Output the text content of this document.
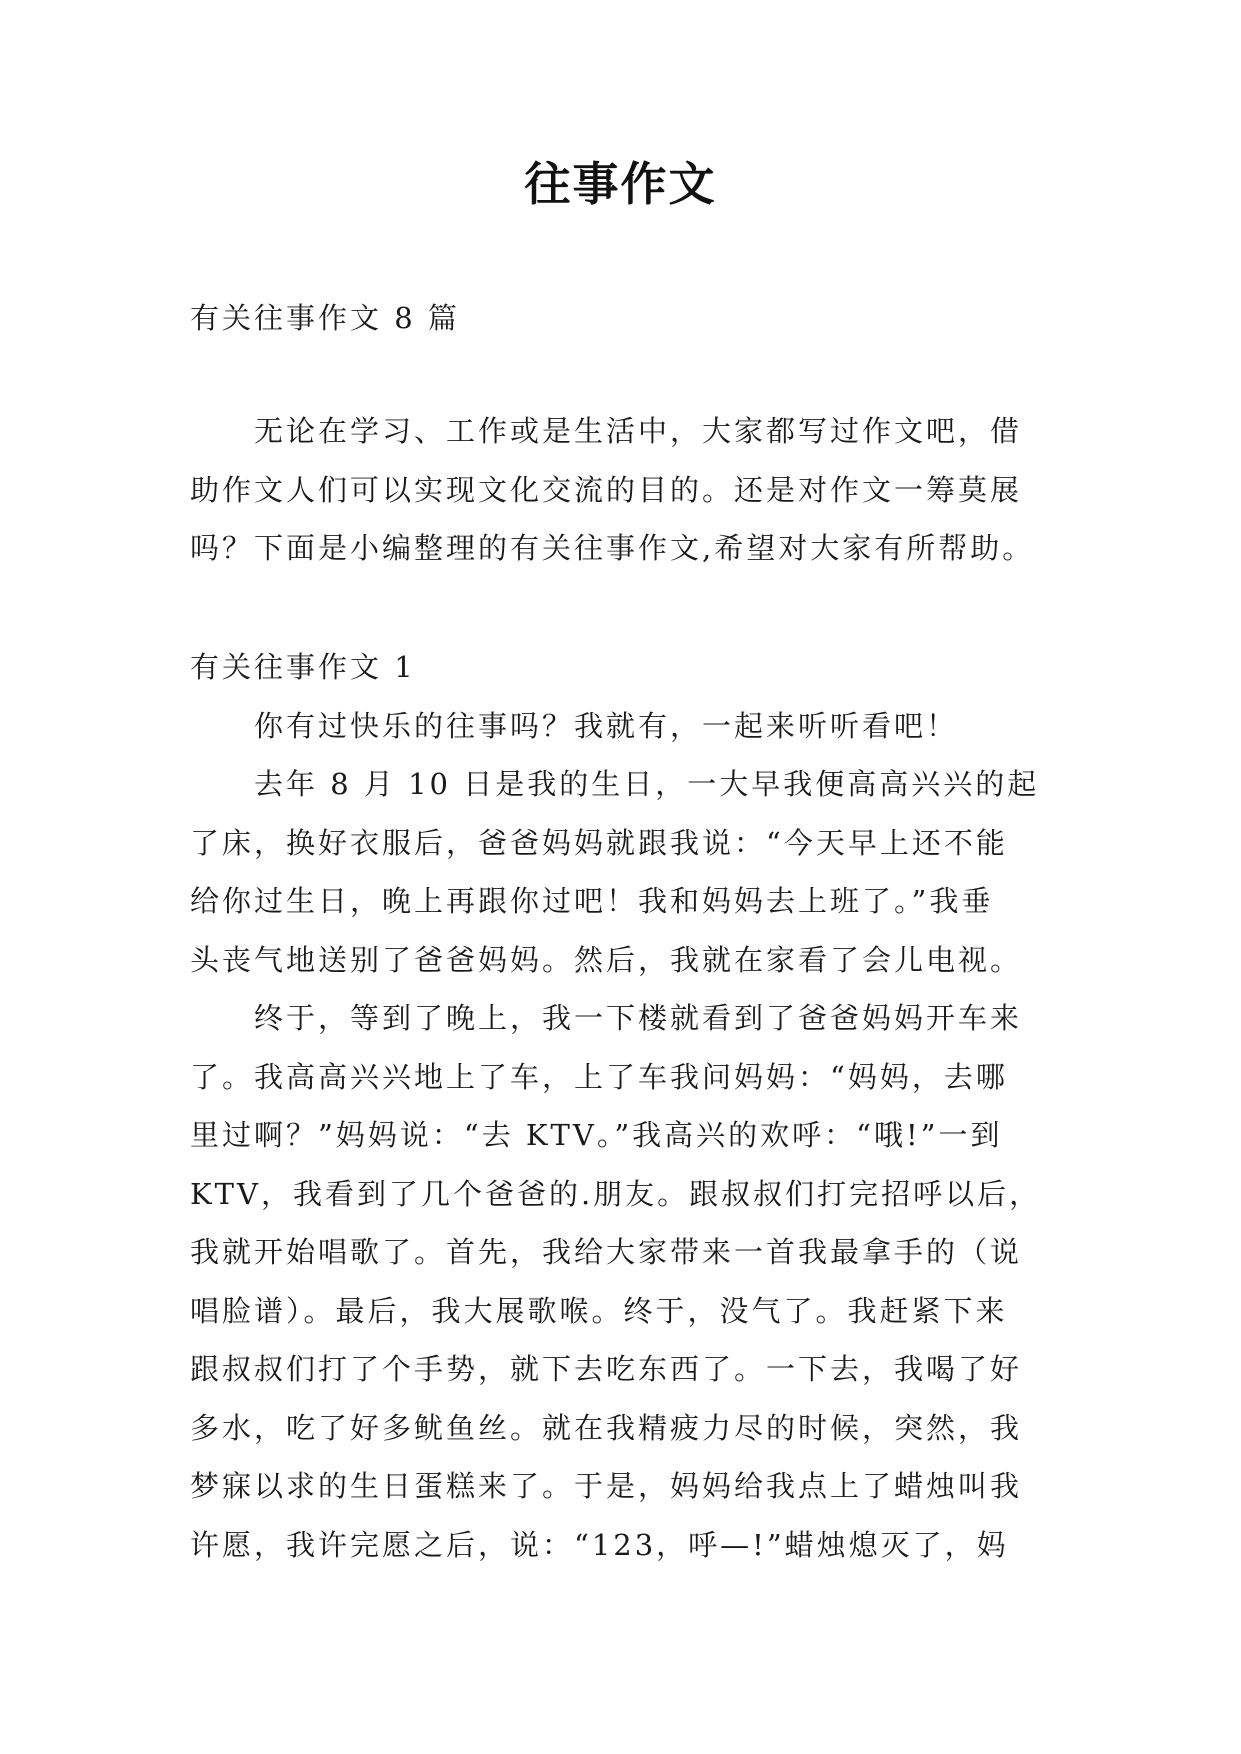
往事作文
有关往事作文 8 篇
　　无论在学习、工作或是生活中，大家都写过作文吧，借
助作文人们可以实现文化交流的目的。还是对作文一筹莫展
吗？下面是小编整理的有关往事作文,希望对大家有所帮助。
有关往事作文 1
　　你有过快乐的往事吗？我就有，一起来听听看吧！
　　去年 8 月 10 日是我的生日，一大早我便高高兴兴的起
了床，换好衣服后，爸爸妈妈就跟我说：“今天早上还不能
给你过生日，晚上再跟你过吧！我和妈妈去上班了。”我垂
头丧气地送别了爸爸妈妈。然后，我就在家看了会儿电视。
　　终于，等到了晚上，我一下楼就看到了爸爸妈妈开车来
了。我高高兴兴地上了车，上了车我问妈妈：“妈妈，去哪
里过啊？”妈妈说：“去 KTV。”我高兴的欢呼：“哦!”一到
KTV，我看到了几个爸爸的.朋友。跟叔叔们打完招呼以后，
我就开始唱歌了。首先，我给大家带来一首我最拿手的（说
唱脸谱）。最后，我大展歌喉。终于，没气了。我赶紧下来
跟叔叔们打了个手势，就下去吃东西了。一下去，我喝了好
多水，吃了好多鱿鱼丝。就在我精疲力尽的时候，突然，我
梦寐以求的生日蛋糕来了。于是，妈妈给我点上了蜡烛叫我
许愿，我许完愿之后，说：“123，呼—!”蜡烛熄灭了，妈
